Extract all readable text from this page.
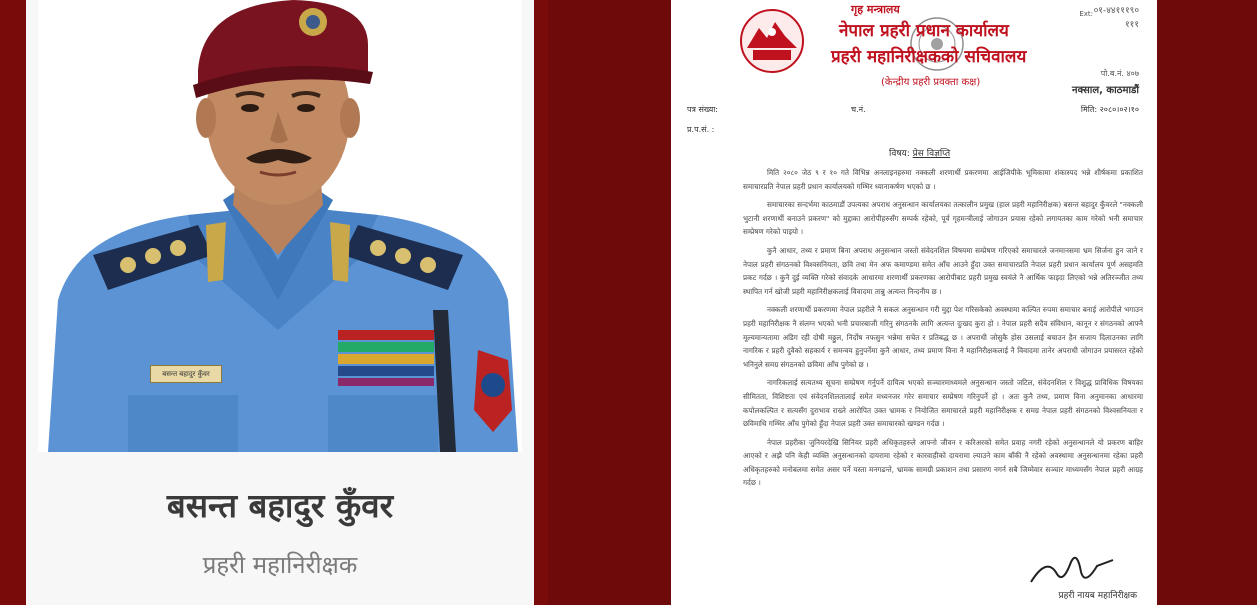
बसन्त बहादुर कुँवर
बसन्त बहादुर कुँवर
प्रहरी महानिरीक्षक
गृह मन्त्रालय
नेपाल प्रहरी प्रधान कार्यालय
प्रहरी महानिरीक्षकको सचिवालय
(केन्द्रीय प्रहरी प्रवक्ता कक्ष)
Ext: ०१-४४१११९०
१११
पो.ब.नं. ४०७
नक्साल, काठमाडौं
पत्र संख्या:	च.नं.	मिति: २०८०।०२।१०
प्र.प.सं. :
विषय: प्रेस विज्ञप्ति

मिति २०८० जेठ ९ र १० गते विभिन्न अनलाइनहरुमा नक्कली शरणार्थी प्रकरणमा आईजिपीके भूमिकामा शंकास्पद भन्ने शीर्षकमा प्रकाशित समाचारप्रति नेपाल प्रहरी प्रधान कार्यालयको गम्भिर ध्यानाकर्षण भएको छ ।

समाचारका सन्दर्भमा काठमाडौं उपत्यका अपराध अनुसन्धान कार्यालयका तत्कालीन प्रमुख (हाल प्रहरी महानिरीक्षक) बसन्त बहादुर कुँवरले "नक्कली भुटानी शरणार्थी बनाउने प्रकरण" को मुद्दाका आरोपीहरुसँग सम्पर्क रहेको, पूर्व गृहमन्त्रीलाई जोगाउन प्रयास रहेको लगायतका काम गरेको भनी समाचार सम्प्रेषण गरेको पाइयो ।

कुनै आधार, तथ्य र प्रमाण बिना अपराध अनुसन्धान जस्तो संवेदनशिल विषयमा सम्प्रेषण गरिएको समाचारले जनमानसमा भ्रम सिर्जना हुन जाने र नेपाल प्रहरी संगठनको विश्वसनियता, छवि तथा मेन अफ कमाण्डमा समेत आँच आउने हुँदा उक्त समाचारप्रति नेपाल प्रहरी प्रधान कार्यालय पूर्ण असहमति प्रकट गर्दछ । कुनै दुई व्यक्ति गरेको संवादके आधारमा शरणार्थी प्रकरणका आरोपीबाट प्रहरी प्रमुख स्वयंले नै आर्थिक फाइदा लिएको भन्ने अतिरञ्जीत तथ्य स्थापित गर्न खोजी प्रहरी महानिरीक्षकलाई विवादमा तान्नु अत्यन्त निन्दनीय छ ।

नक्कली शरणार्थी प्रकरणमा नेपाल प्रहरीले नै सकल अनुसन्धान गरी मुद्दा पेश गरिसकेको अवस्थामा कल्पित रुपमा समाचार बनाई आरोपीले भगाउन प्रहरी महानिरीक्षक नै संलग्न भएको भनी प्रचारबाजी गरिनु संगठनकै लागि अत्यन्त दुःखद कुरा हो । नेपाल प्रहरी सदैव संविधान, कानून र संगठनको आफ्नै मूल्यमान्यतामा अडिग रही दोषी मठ्ठुल, निर्दोष नफसुन भन्नेमा सचेत र प्रतिबद्ध छ । अपराधी जोसुकै होस उसलाई बचाउन हैन सजाय दिलाउनका लागि नागरिक र प्रहरी दुवैको सहकार्य र समन्वय हुनुपर्नेमा कुनै आधार, तथ्य प्रमाण विना नै महानिरीक्षकलाई नै विवादमा तानेर अपराधी जोगाउन प्रयासरत रहेको भनिनुले समग्र संगठनको छविमा आँच पुगेको छ ।

नागरिकलाई सत्यतथ्य सूचना सम्प्रेषण गर्नुपर्ने दायित्व भएको सञ्चारमाध्यमले अनुसन्धान जस्तो जटिल, संवेदनशिल र विशुद्ध प्राविधिक विषयका सीमितता, विशिष्टता एवं संवेदनशिलतालाई समेत मध्यनजर गरेर समाचार सम्प्रेषण गरिनुपर्ने हो । अतः कुनै तथ्य, प्रमाण विना अनुमानका आधारमा कपोलकल्पित र सत्यसँग दुराभाव राख्ने आरोपित उक्त भ्रामक र नियोजित समाचारले प्रहरी महानिरीक्षक र समग्र नेपाल प्रहरी संगठनको विश्वसनियता र छविमाथि गम्भिर आँच पुगेको हुँदा नेपाल प्रहरी उक्त समाचारको खण्डन गर्दछ ।

नेपाल प्रहरीका जुनियरदेखि सिनियर प्रहरी अधिकृतहरुले आफ्नो जीवन र करिअरको समेत प्रवाह नगरी रहेको अनुसन्धानले यो प्रकरण बाहिर आएको र अझै पनि केही व्यक्ति अनुसन्धानको दायरामा रहेको र कारवाहीको दायरामा ल्याउने काम बाँकी नै रहेको अवस्थामा अनुसन्धानमा रहेका प्रहरी अधिकृतहरुको मनोबलमा समेत असर पर्ने यस्ता मनगढन्ते, भ्रामक सामग्री प्रकाशन तथा प्रसारण नगर्न सबै जिम्मेवार सञ्चार माध्यमसँग नेपाल प्रहरी आग्रह गर्दछ ।

प्रहरी नायब महानिरीक्षक
